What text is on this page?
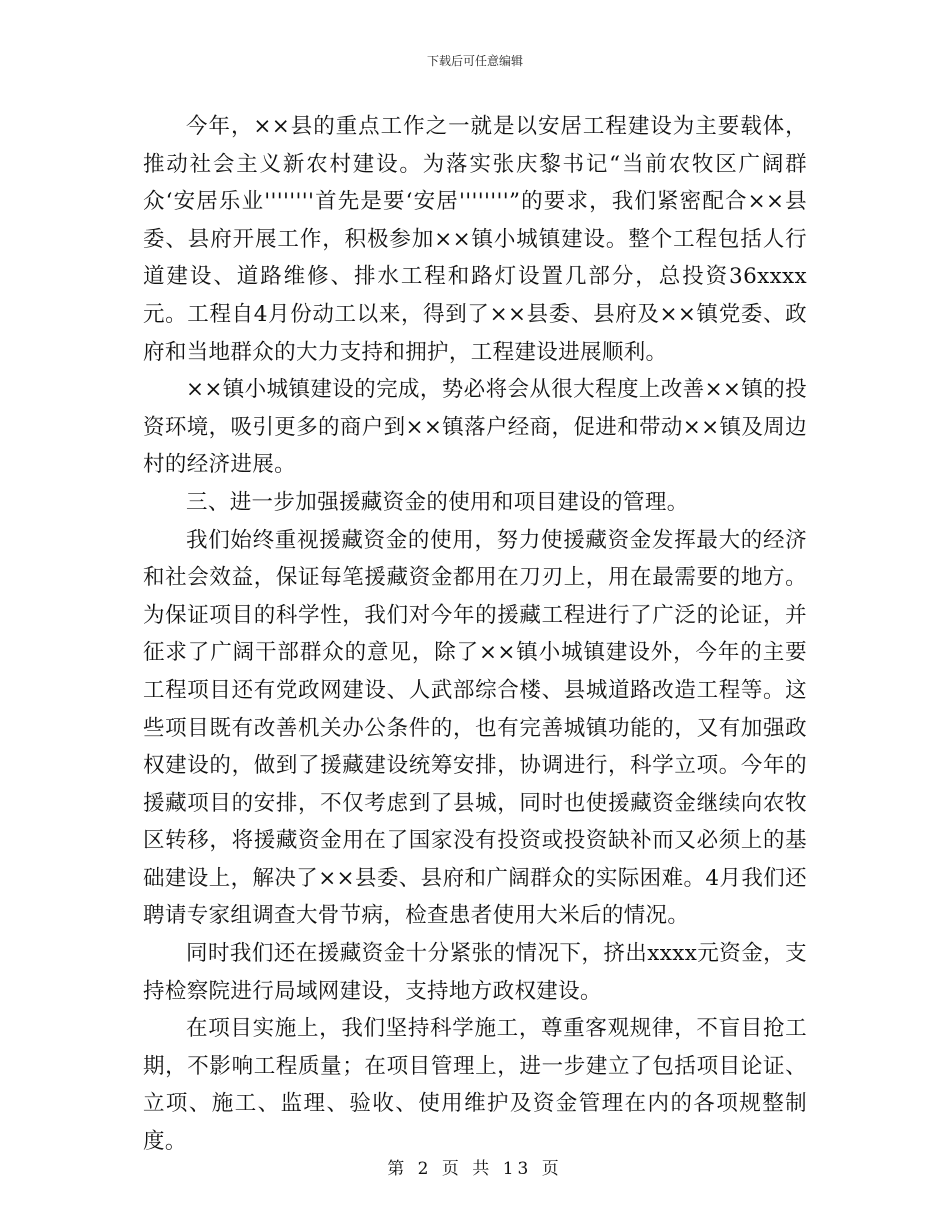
下载后可任意编辑

今年，××县的重点工作之一就是以安居工程建设为主要载体，推动社会主义新农村建设。为落实张庆黎书记“当前农牧区广阔群众‘安居乐业''''''''首先是要‘安居''''''''”的要求，我们紧密配合××县委、县府开展工作，积极参加××镇小城镇建设。整个工程包括人行道建设、道路维修、排水工程和路灯设置几部分，总投资36xxxx元。工程自4月份动工以来，得到了××县委、县府及××镇党委、政府和当地群众的大力支持和拥护，工程建设进展顺利。

××镇小城镇建设的完成，势必将会从很大程度上改善××镇的投资环境，吸引更多的商户到××镇落户经商，促进和带动××镇及周边村的经济进展。

三、进一步加强援藏资金的使用和项目建设的管理。

我们始终重视援藏资金的使用，努力使援藏资金发挥最大的经济和社会效益，保证每笔援藏资金都用在刀刃上，用在最需要的地方。为保证项目的科学性，我们对今年的援藏工程进行了广泛的论证，并征求了广阔干部群众的意见，除了××镇小城镇建设外，今年的主要工程项目还有党政网建设、人武部综合楼、县城道路改造工程等。这些项目既有改善机关办公条件的，也有完善城镇功能的，又有加强政权建设的，做到了援藏建设统筹安排，协调进行，科学立项。今年的援藏项目的安排，不仅考虑到了县城，同时也使援藏资金继续向农牧区转移，将援藏资金用在了国家没有投资或投资缺补而又必须上的基础建设上，解决了××县委、县府和广阔群众的实际困难。4月我们还聘请专家组调查大骨节病，检查患者使用大米后的情况。

同时我们还在援藏资金十分紧张的情况下，挤出xxxx元资金，支持检察院进行局域网建设，支持地方政权建设。

在项目实施上，我们坚持科学施工，尊重客观规律，不盲目抢工期，不影响工程质量；在项目管理上，进一步建立了包括项目论证、立项、施工、监理、验收、使用维护及资金管理在内的各项规整制度。

第 2 页 共 13 页
